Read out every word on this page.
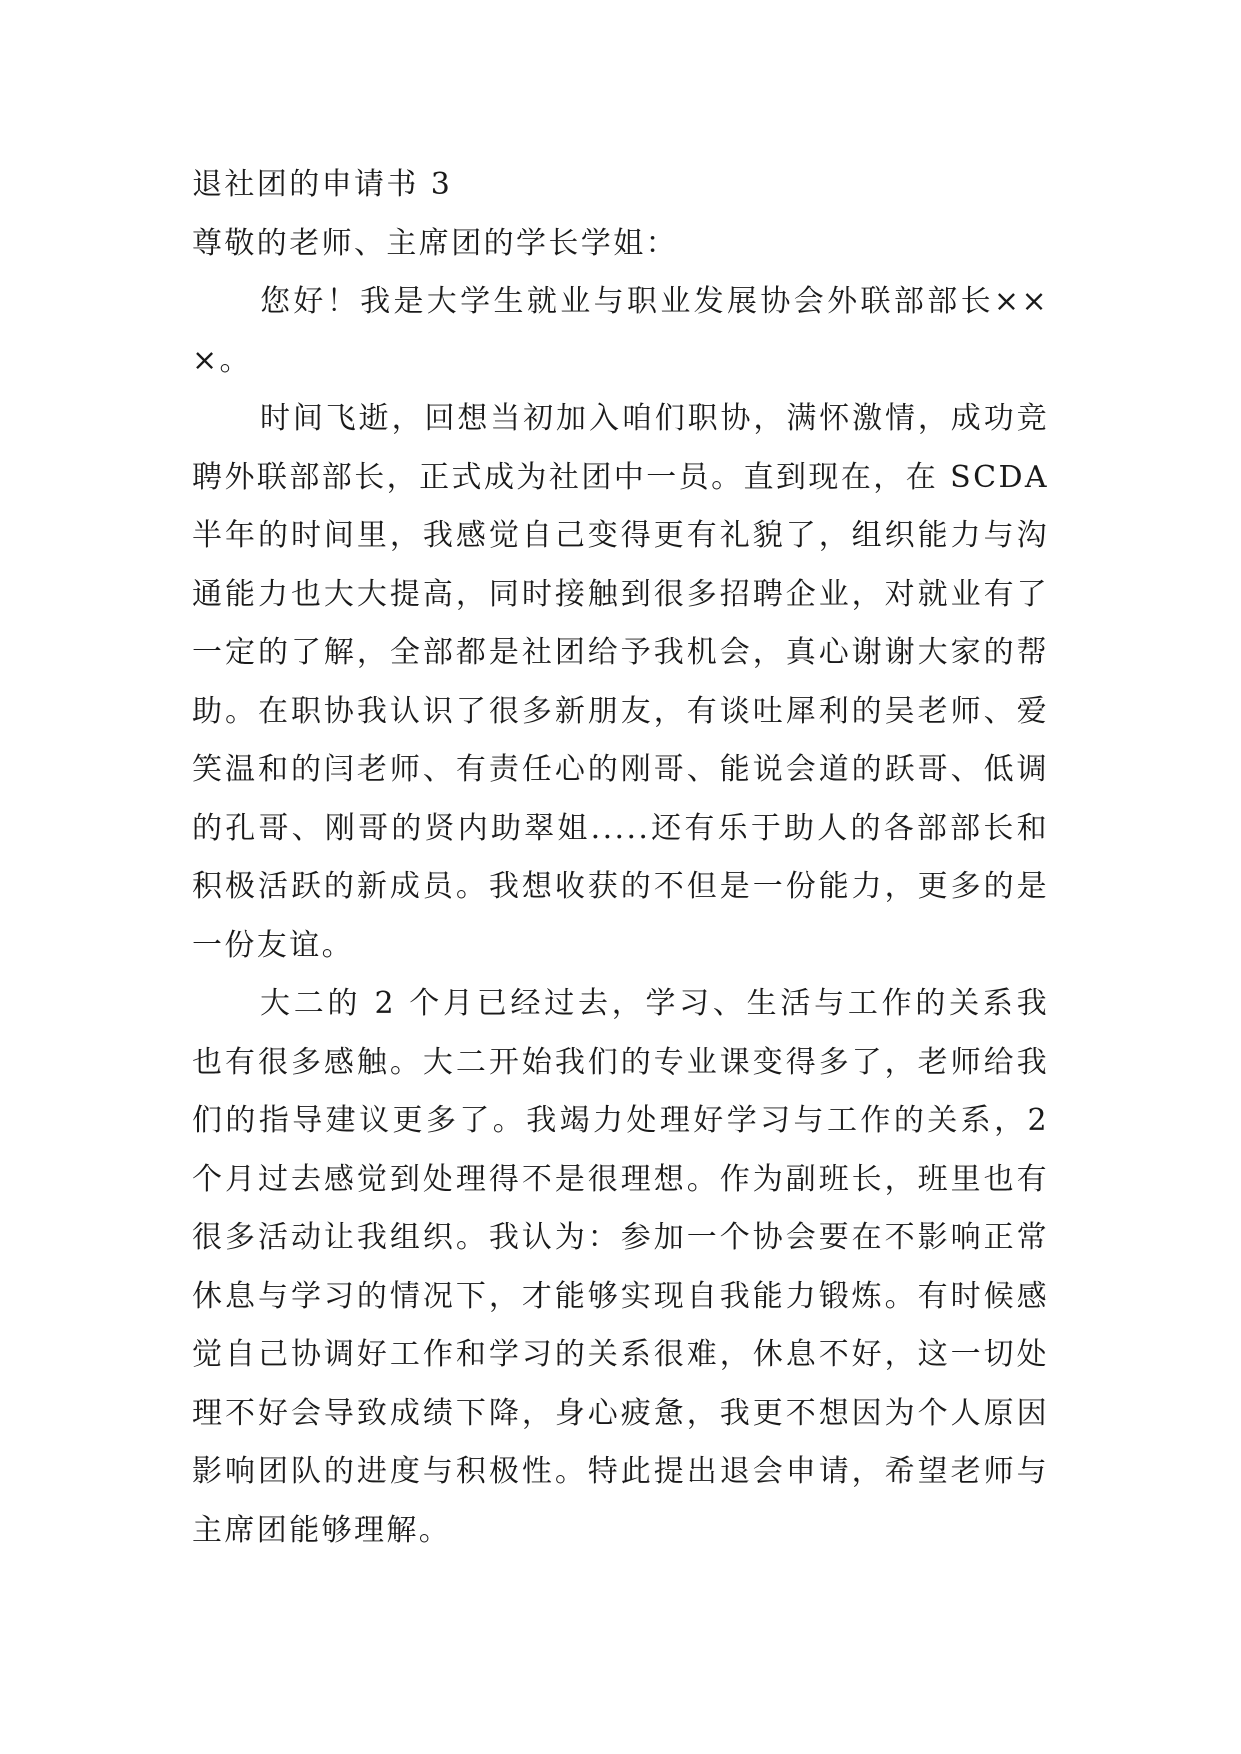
退社团的申请书 3

尊敬的老师、主席团的学长学姐：

您好！我是大学生就业与职业发展协会外联部部长×××。

时间飞逝，回想当初加入咱们职协，满怀激情，成功竞聘外联部部长，正式成为社团中一员。直到现在，在 SCDA 半年的时间里，我感觉自己变得更有礼貌了，组织能力与沟通能力也大大提高，同时接触到很多招聘企业，对就业有了一定的了解，全部都是社团给予我机会，真心谢谢大家的帮助。在职协我认识了很多新朋友，有谈吐犀利的吴老师、爱笑温和的闫老师、有责任心的刚哥、能说会道的跃哥、低调的孔哥、刚哥的贤内助翠姐.....还有乐于助人的各部部长和积极活跃的新成员。我想收获的不但是一份能力，更多的是一份友谊。

大二的 2 个月已经过去，学习、生活与工作的关系我也有很多感触。大二开始我们的专业课变得多了，老师给我们的指导建议更多了。我竭力处理好学习与工作的关系，2 个月过去感觉到处理得不是很理想。作为副班长，班里也有很多活动让我组织。我认为：参加一个协会要在不影响正常休息与学习的情况下，才能够实现自我能力锻炼。有时候感觉自己协调好工作和学习的关系很难，休息不好，这一切处理不好会导致成绩下降，身心疲惫，我更不想因为个人原因影响团队的进度与积极性。特此提出退会申请，希望老师与主席团能够理解。
